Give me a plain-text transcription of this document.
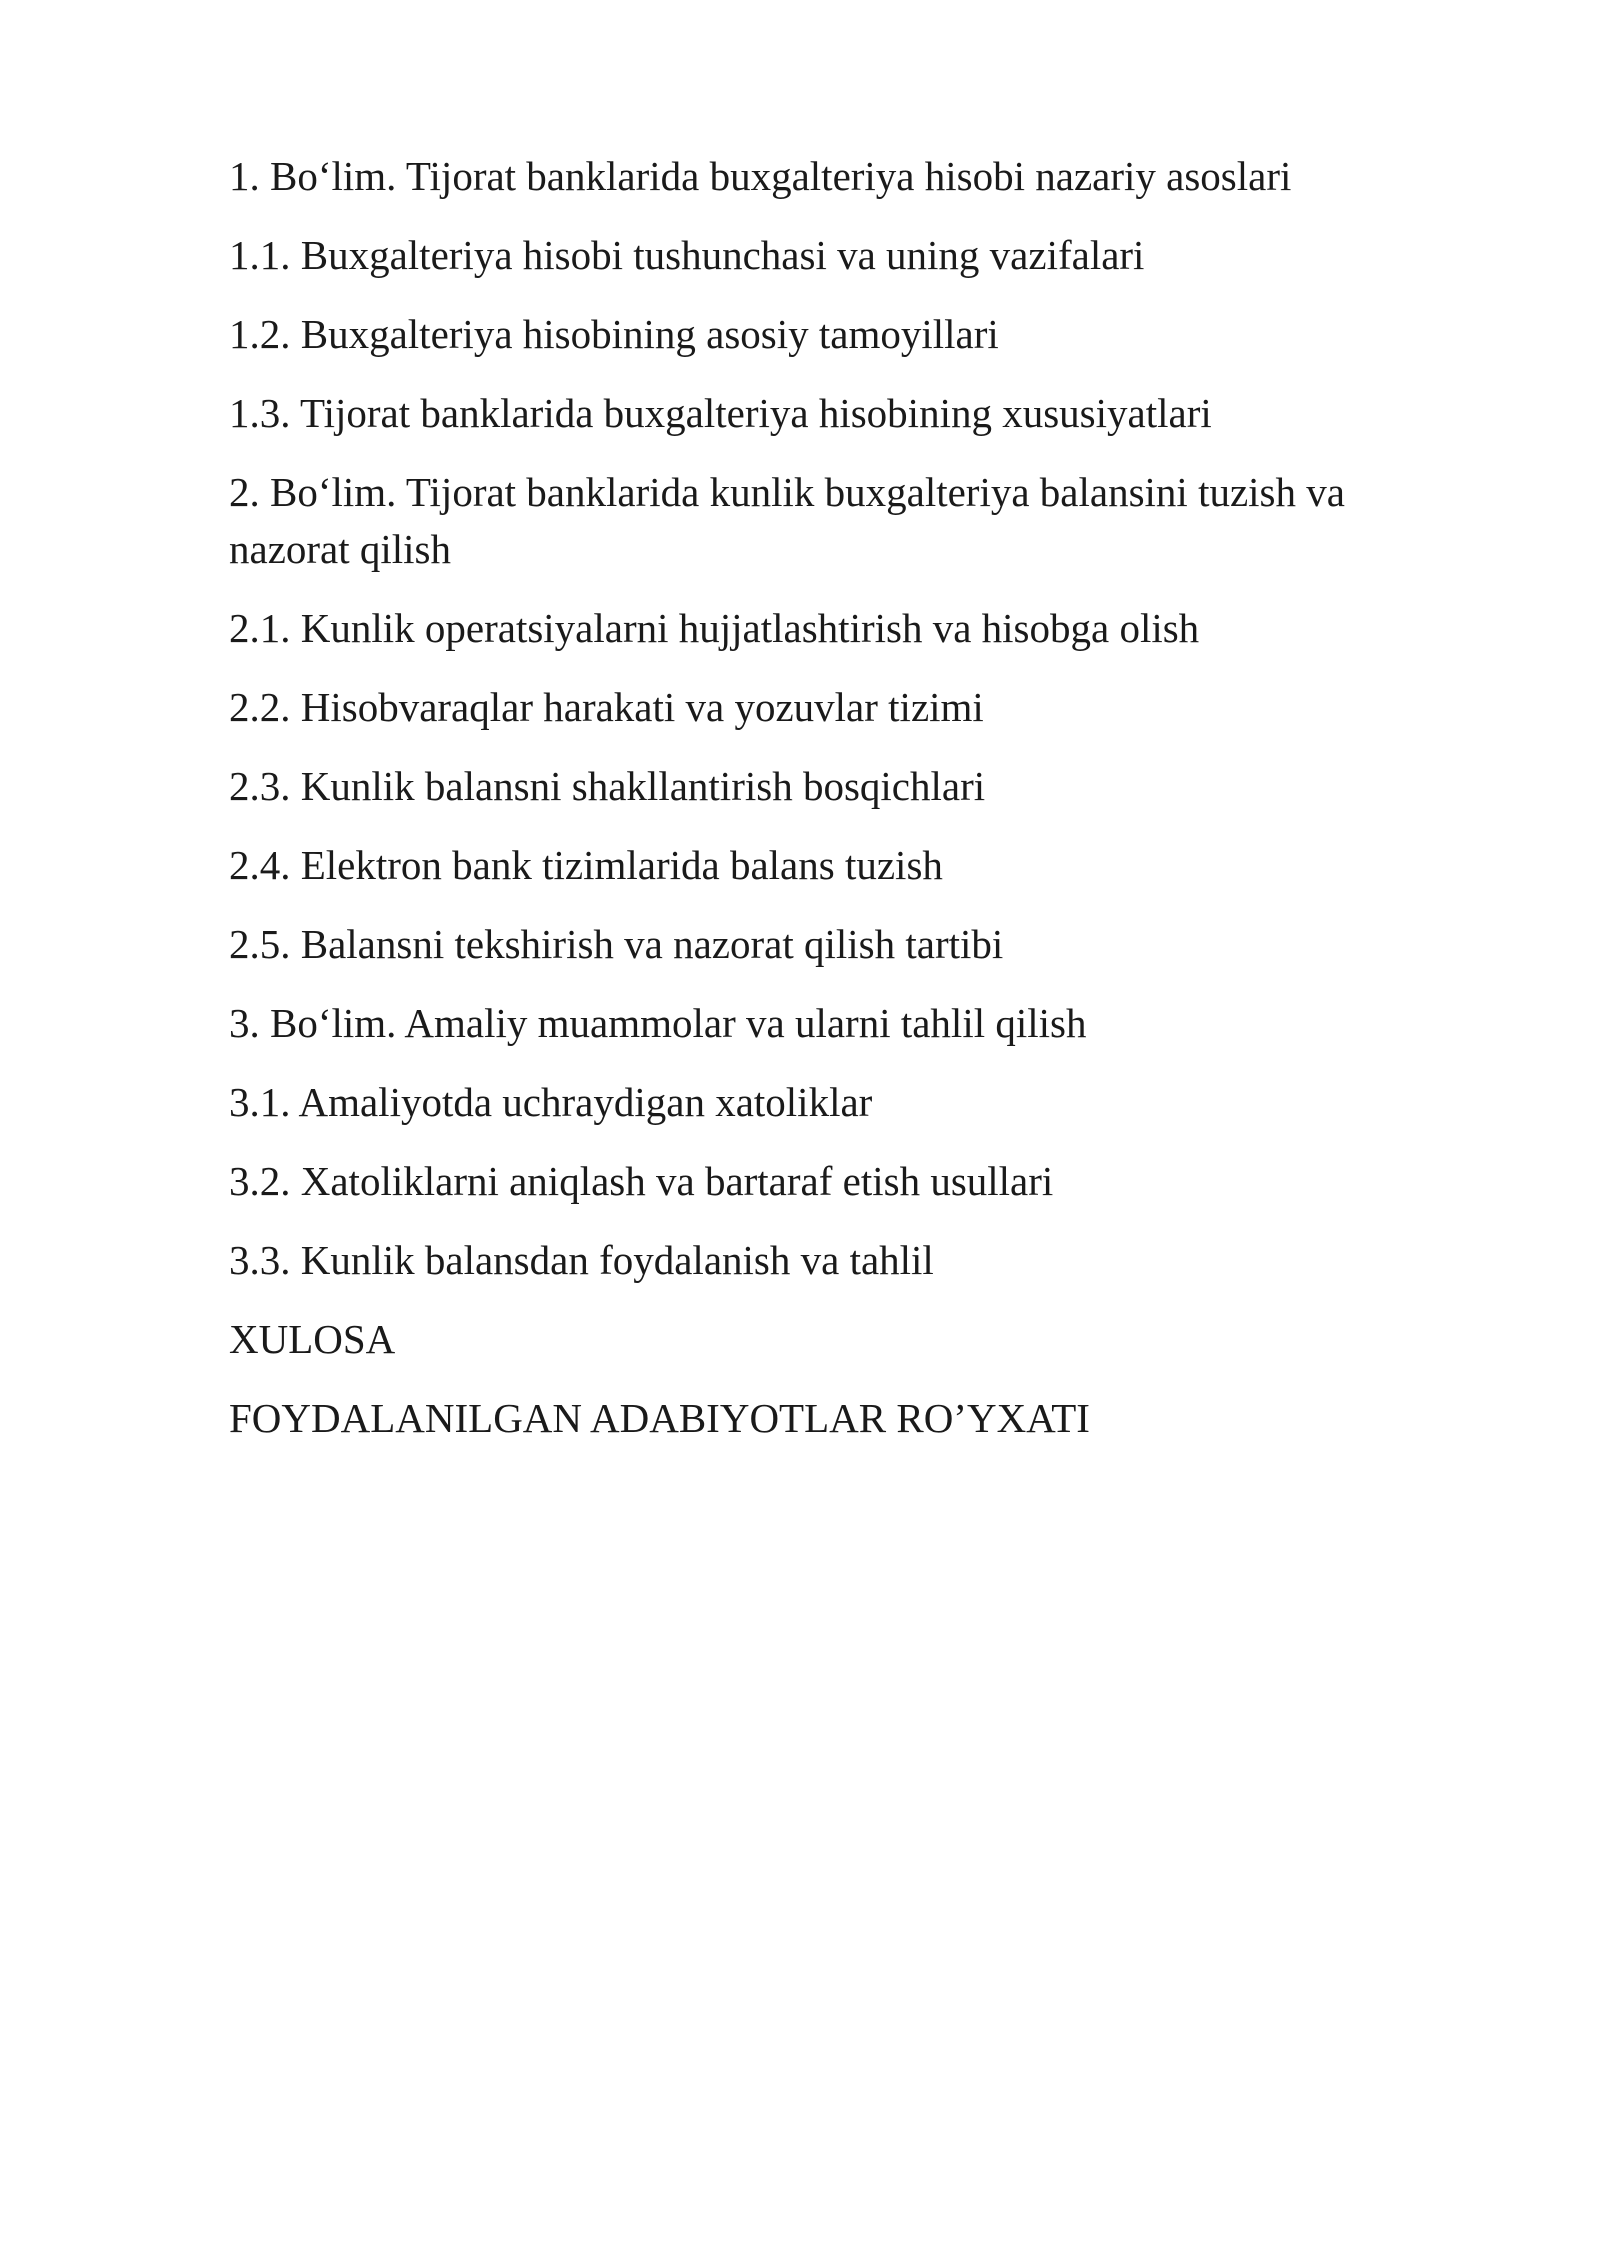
1. Bo‘lim. Tijorat banklarida buxgalteriya hisobi nazariy asoslari
1.1. Buxgalteriya hisobi tushunchasi va uning vazifalari
1.2. Buxgalteriya hisobining asosiy tamoyillari
1.3. Tijorat banklarida buxgalteriya hisobining xususiyatlari
2. Bo‘lim. Tijorat banklarida kunlik buxgalteriya balansini tuzish va nazorat qilish
2.1. Kunlik operatsiyalarni hujjatlashtirish va hisobga olish
2.2. Hisobvaraqlar harakati va yozuvlar tizimi
2.3. Kunlik balansni shakllantirish bosqichlari
2.4. Elektron bank tizimlarida balans tuzish
2.5. Balansni tekshirish va nazorat qilish tartibi
3. Bo‘lim. Amaliy muammolar va ularni tahlil qilish
3.1. Amaliyotda uchraydigan xatoliklar
3.2. Xatoliklarni aniqlash va bartaraf etish usullari
3.3. Kunlik balansdan foydalanish va tahlil
XULOSA
FOYDALANILGAN ADABIYOTLAR RO’YXATI
